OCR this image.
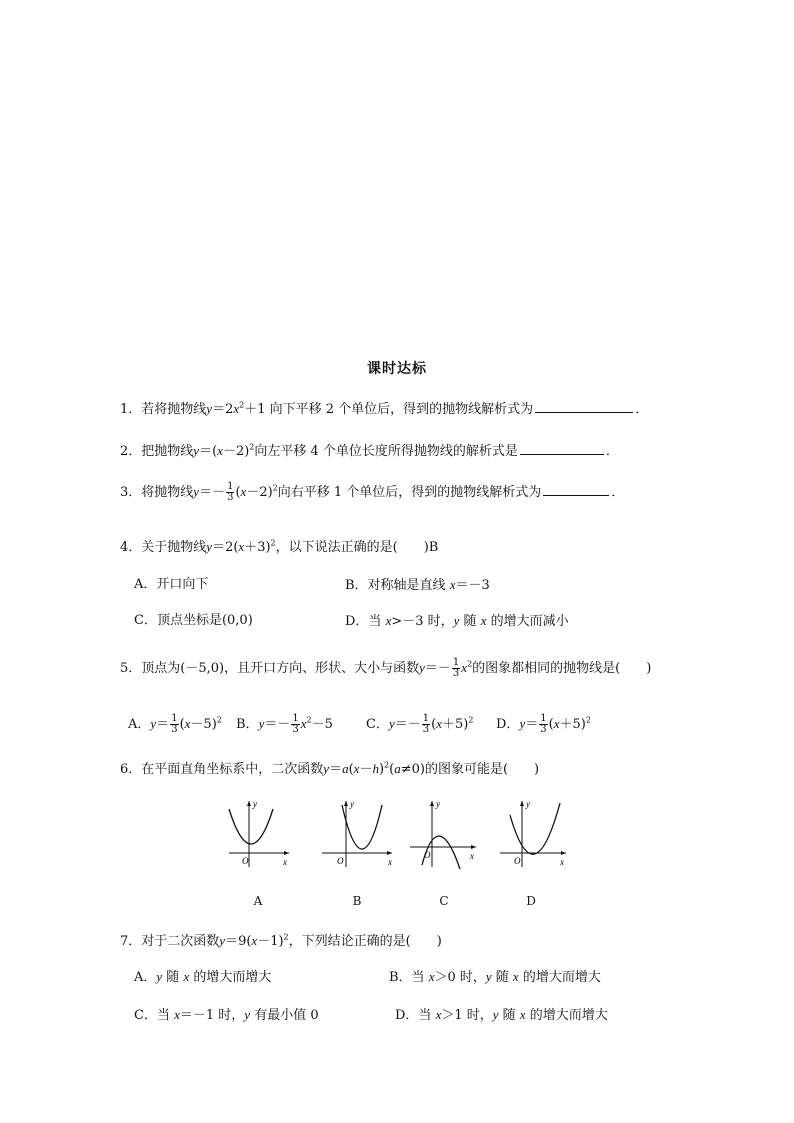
课时达标
1．若将抛物线$y=2x^2+1$ 向下平移 2 个单位后，得到的抛物线解析式为	．
2．把抛物线$y=(x-2)^2$向左平移 4 个单位长度所得抛物线的解析式是	．
3．将抛物线$y=- \frac{1}{3} (x-2)^2$向右平移 1 个单位后，得到的抛物线解析式为	．
4．关于抛物线$y=2(x+3)^2$，以下说法正确的是(　　)B
A．开口向下	B．对称轴是直线 x＝－3
C．顶点坐标是(0,0)	D．当 x>－3 时，y 随 x 的增大而减小
5．顶点为(－5,0)，且开口方向、形状、大小与函数$y=- \frac{1}{3} x^2$的图象都相同的抛物线是(　　)
A．$y= \frac{1}{3} (x-5)^2$ B．$y=- \frac{1}{3} x^2-5$	C．$y=- \frac{1}{3} (x+5)^2$ D．$y= \frac{1}{3} (x+5)^2$
6．在平面直角坐标系中，二次函数$y=a(x-h)^2(a\ne 0)$的图象可能是(　　)
y
x
O
y
x
O
y
x
O
y
x
O
A	B	C	D
7．对于二次函数$y=9(x-1)^2$，下列结论正确的是(　　)
A．y 随 x 的增大而增大	B．当 x＞0 时，y 随 x 的增大而增大
C．当 x＝－1 时，y 有最小值 0	D．当 x＞1 时，y 随 x 的增大而增大
